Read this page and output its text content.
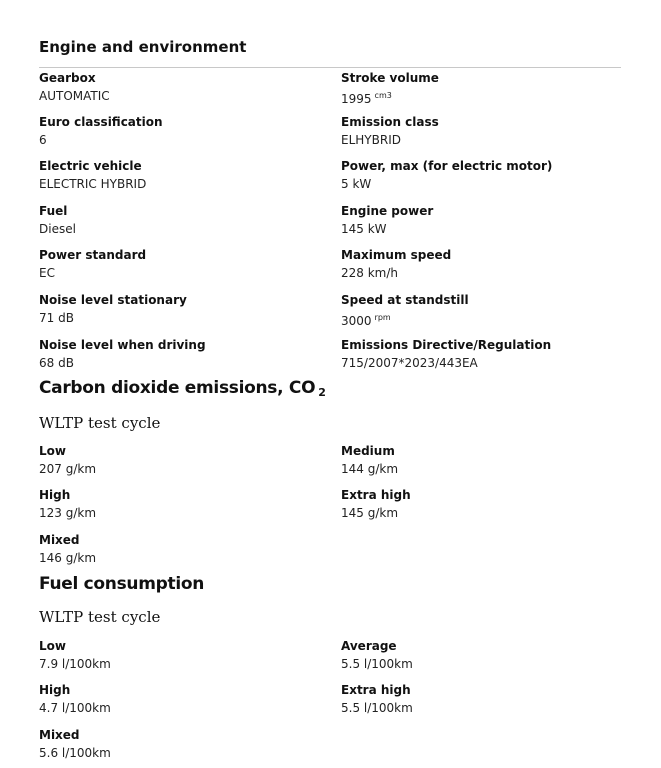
Engine and environment
Gearbox
AUTOMATIC
Euro classification
6
Electric vehicle
ELECTRIC HYBRID
Fuel
Diesel
Power standard
EC
Noise level stationary
71 dB
Noise level when driving
68 dB
Stroke volume
1995 $^{cm3}$
Emission class
ELHYBRID
Power, max (for electric motor)
5 kW
Engine power
145 kW
Maximum speed
228 km/h
Speed at standstill
3000 $^{rpm}$
Emissions Directive/Regulation
715/2007*2023/443EA
Carbon dioxide emissions, CO $_2$
WLTP test cycle
Low
207 g/km
Medium
144 g/km
High
123 g/km
Extra high
145 g/km
Mixed
146 g/km
Fuel consumption
WLTP test cycle
Low
7.9 l/100km
Average
5.5 l/100km
High
4.7 l/100km
Extra high
5.5 l/100km
Mixed
5.6 l/100km
